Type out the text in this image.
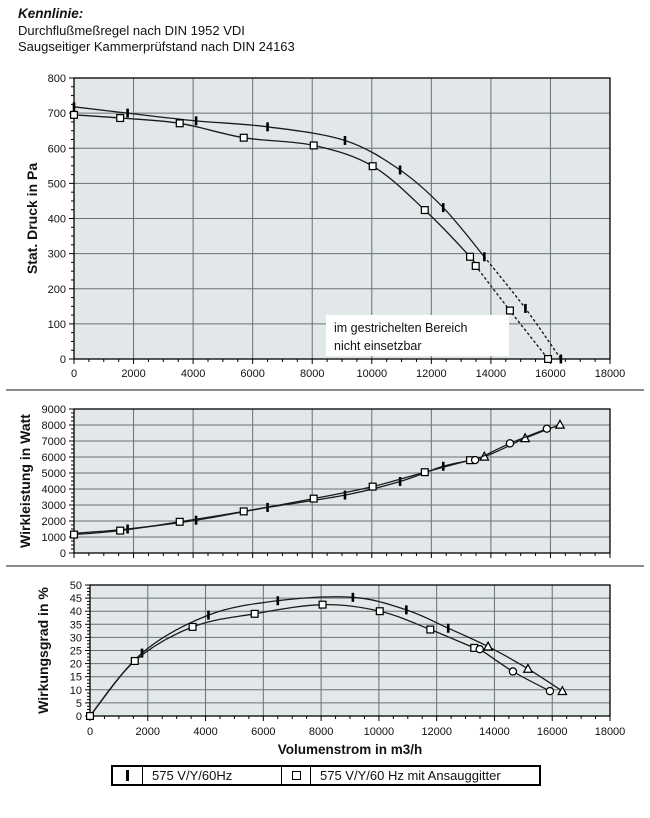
Kennlinie:
Durchflußmeßregel nach DIN 1952 VDI
Saugseitiger Kammerprüfstand nach DIN 24163
im gestrichelten Bereich
nicht einsetzbar
0
100
200
300
400
500
600
700
800
0	2000	4000	6000	8000	10000	12000	14000	16000	18000
Stat. Druck in Pa
0
1000
2000
3000
4000
5000
6000
7000
8000
9000
Wirkleistung in Watt
0
5
10
15
20
25
30
35
40
45
50
0	2000	4000	6000	8000	10000 12000 14000 16000 18000
Wirkungsgrad in %
Volumenstrom in m3/h
575 V/Y/60Hz	575 V/Y/60 Hz mit Ansauggitter
